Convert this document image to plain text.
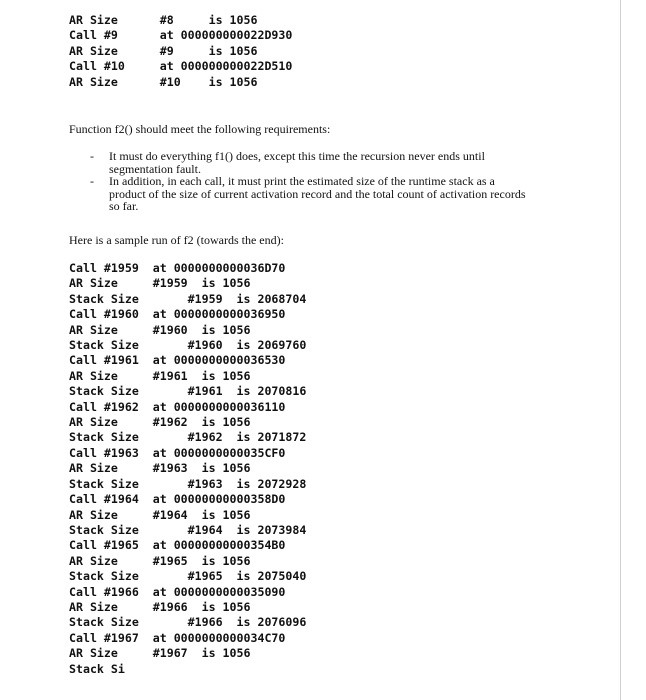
AR Size      #8     is 1056
Call #9      at 000000000022D930
AR Size      #9     is 1056
Call #10     at 000000000022D510
AR Size      #10    is 1056
Function f2() should meet the following requirements:
- It must do everything f1() does, except this time the recursion never ends until segmentation fault.
- In addition, in each call, it must print the estimated size of the runtime stack as a product of the size of current activation record and the total count of activation records so far.
Here is a sample run of f2 (towards the end):
Call #1959  at 0000000000036D70
AR Size     #1959  is 1056
Stack Size       #1959  is 2068704
Call #1960  at 0000000000036950
AR Size     #1960  is 1056
Stack Size       #1960  is 2069760
Call #1961  at 0000000000036530
AR Size     #1961  is 1056
Stack Size       #1961  is 2070816
Call #1962  at 0000000000036110
AR Size     #1962  is 1056
Stack Size       #1962  is 2071872
Call #1963  at 0000000000035CF0
AR Size     #1963  is 1056
Stack Size       #1963  is 2072928
Call #1964  at 00000000000358D0
AR Size     #1964  is 1056
Stack Size       #1964  is 2073984
Call #1965  at 00000000000354B0
AR Size     #1965  is 1056
Stack Size       #1965  is 2075040
Call #1966  at 0000000000035090
AR Size     #1966  is 1056
Stack Size       #1966  is 2076096
Call #1967  at 0000000000034C70
AR Size     #1967  is 1056
Stack Si
